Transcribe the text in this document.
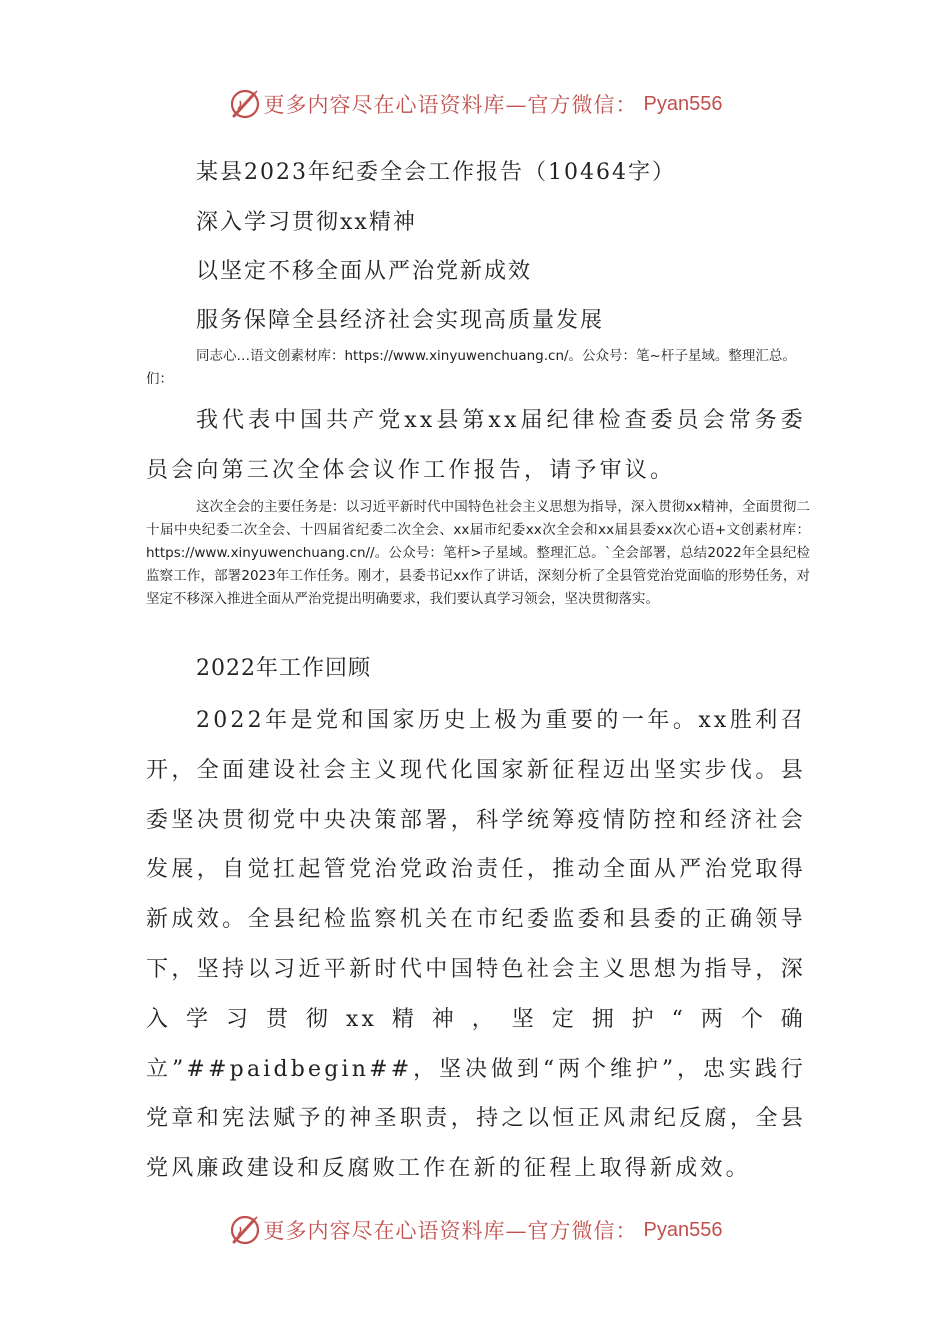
更多内容尽在心语资料库—官方微信： Pyan556
某县2023年纪委全会工作报告（10464字）
深入学习贯彻xx精神
以坚定不移全面从严治党新成效
服务保障全县经济社会实现高质量发展
同志心…语文创素材库：https://www.xinyuwenchuang.cn/。公众号：笔~杆子星域。整理汇总。们：
我代表中国共产党xx县第xx届纪律检查委员会常务委员会向第三次全体会议作工作报告，请予审议。
这次全会的主要任务是：以习近平新时代中国特色社会主义思想为指导，深入贯彻xx精神，全面贯彻二十届中央纪委二次全会、十四届省纪委二次全会、xx届市纪委xx次全会和xx届县委xx次心语+文创素材库：https://www.xinyuwenchuang.cn//。公众号：笔杆>子星域。整理汇总。`全会部署，总结2022年全县纪检监察工作，部署2023年工作任务。刚才，县委书记xx作了讲话，深刻分析了全县管党治党面临的形势任务，对坚定不移深入推进全面从严治党提出明确要求，我们要认真学习领会，坚决贯彻落实。
2022年工作回顾
2022年是党和国家历史上极为重要的一年。xx胜利召开，全面建设社会主义现代化国家新征程迈出坚实步伐。县委坚决贯彻党中央决策部署，科学统筹疫情防控和经济社会发展，自觉扛起管党治党政治责任，推动全面从严治党取得新成效。全县纪检监察机关在市纪委监委和县委的正确领导下，坚持以习近平新时代中国特色社会主义思想为指导，深入学习贯彻xx精神，坚定拥护“两个确立”##paidbegin##，坚决做到“两个维护”，忠实践行党章和宪法赋予的神圣职责，持之以恒正风肃纪反腐，全县党风廉政建设和反腐败工作在新的征程上取得新成效。
更多内容尽在心语资料库—官方微信： Pyan556
